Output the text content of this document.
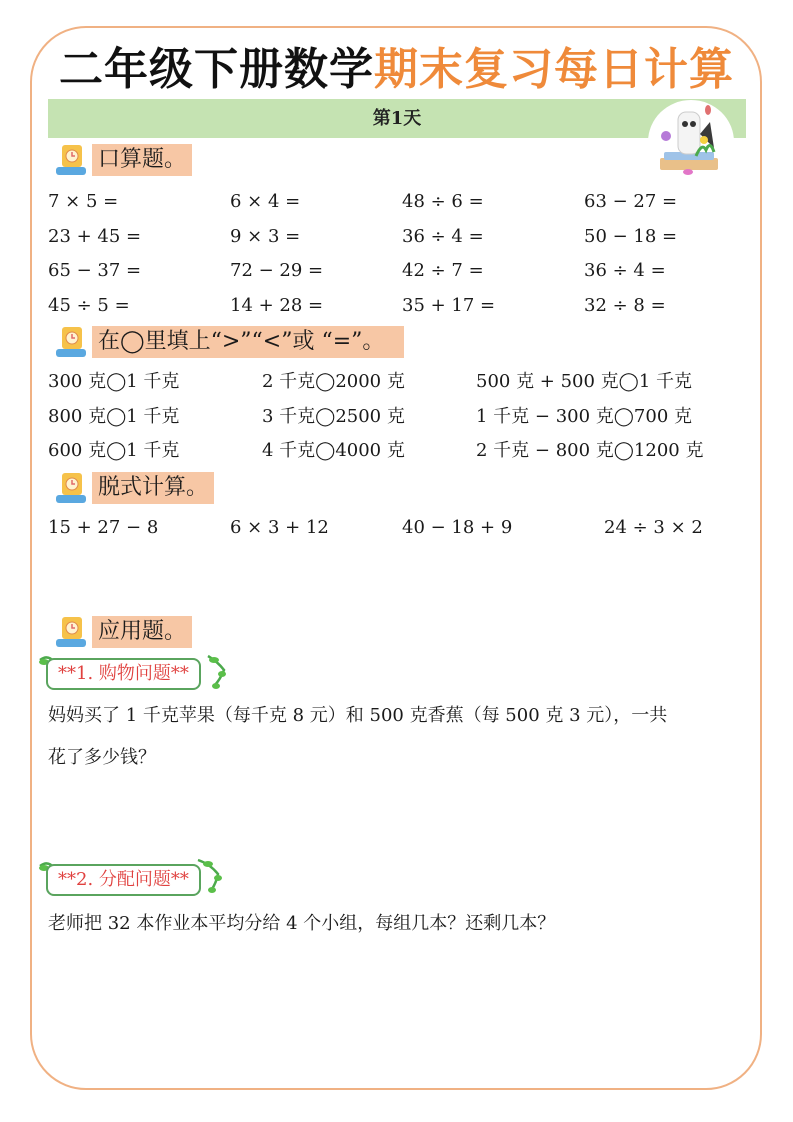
二年级下册数学期末复习每日计算
第1天
口算题。
7 × 5 =	6 × 4 =	48 ÷ 6 =	63 − 27 =
23 + 45 =	9 × 3 =	36 ÷ 4 =	50 − 18 =
65 − 37 =	72 − 29 =	42 ÷ 7 =	36 ÷ 4 =
45 ÷ 5 =	14 + 28 =	35 + 17 =	32 ÷ 8 =
在◯里填上“>”“<”或 “=”。
300 克◯1 千克	2 千克◯2000 克	500 克 + 500 克◯1 千克
800 克◯1 千克	3 千克◯2500 克	1 千克 − 300 克◯700 克
600 克◯1 千克	4 千克◯4000 克	2 千克 − 800 克◯1200 克
脱式计算。
15 + 27 − 8	6 × 3 + 12	40 − 18 + 9	24 ÷ 3 × 2
应用题。
**1. 购物问题**
妈妈买了 1 千克苹果（每千克 8 元）和 500 克香蕉（每 500 克 3 元），一共
花了多少钱？
**2. 分配问题**
老师把 32 本作业本平均分给 4 个小组，每组几本？还剩几本？
